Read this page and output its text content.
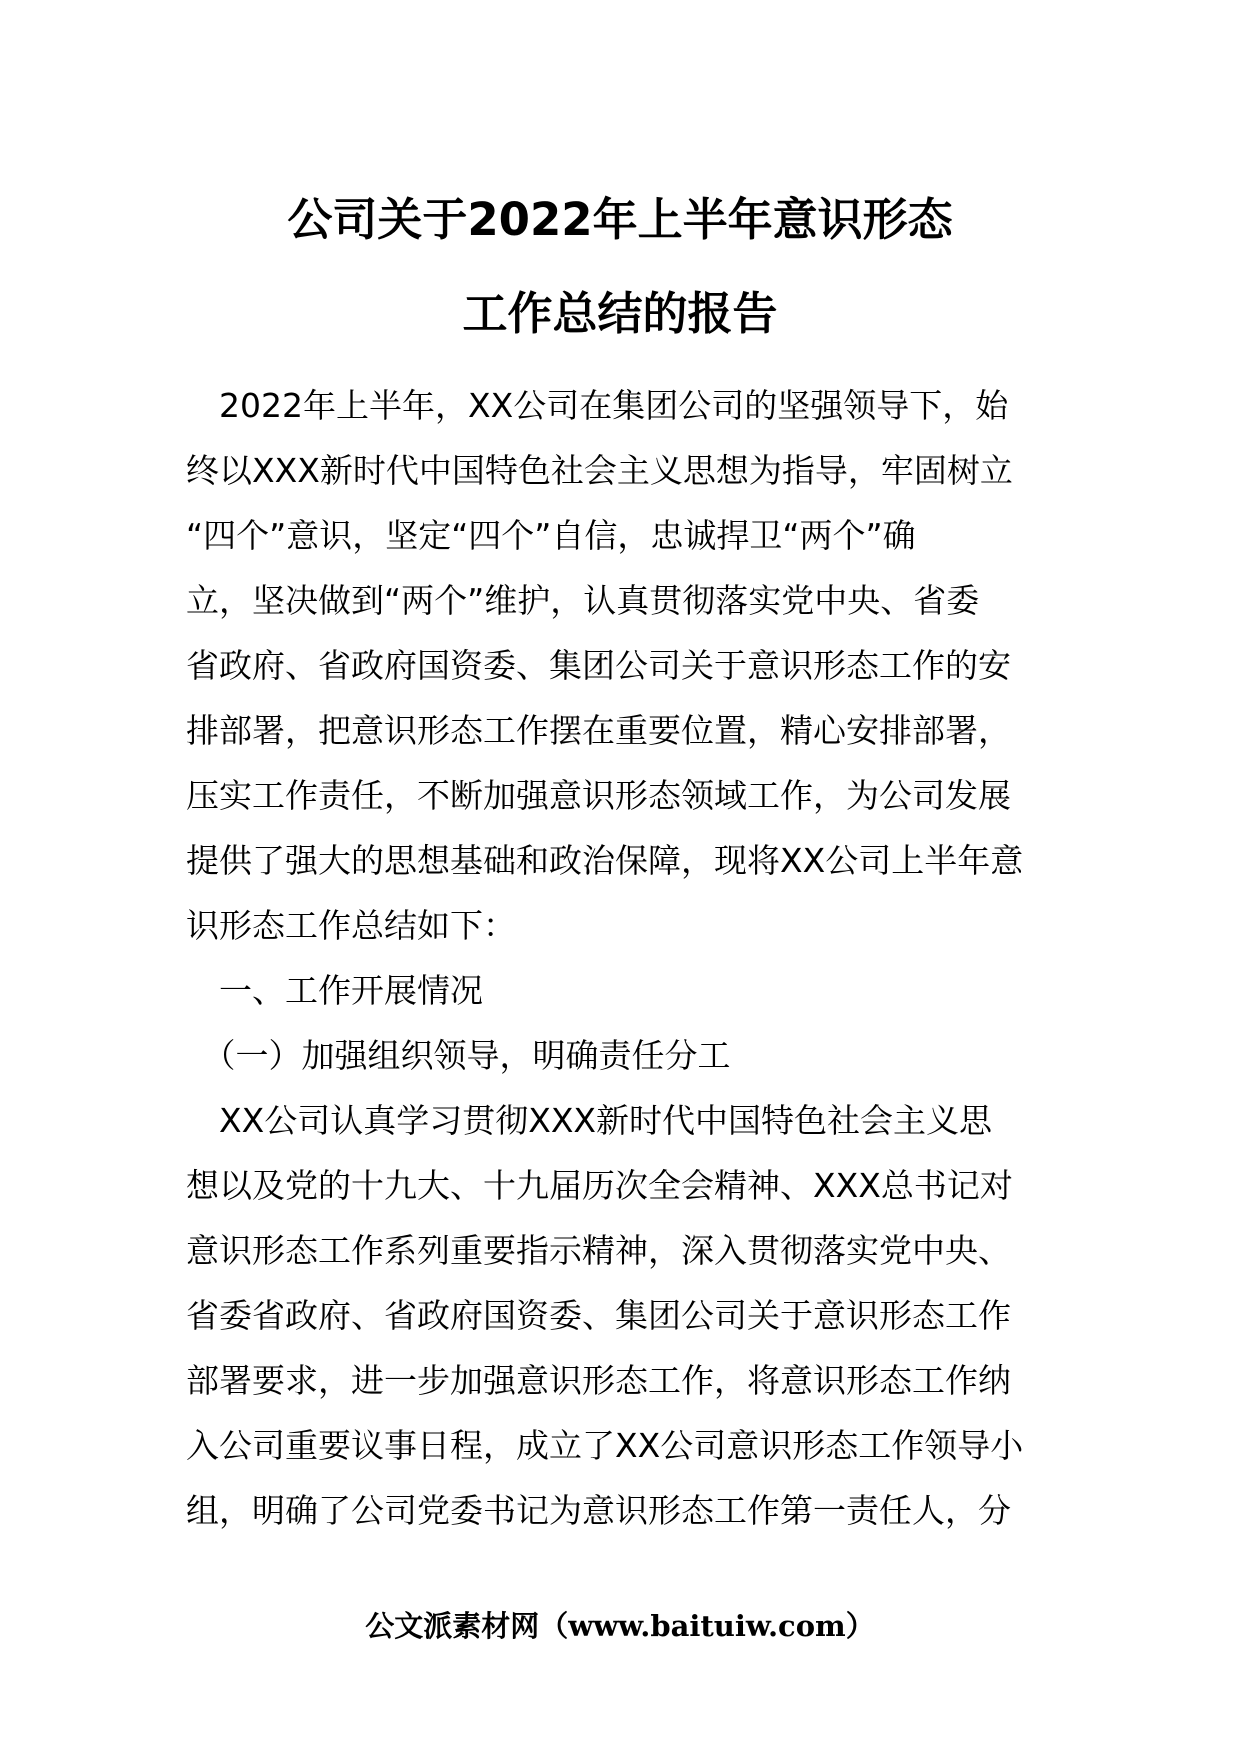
公司关于2022年上半年意识形态
工作总结的报告
　2022年上半年，XX公司在集团公司的坚强领导下，始
终以XXX新时代中国特色社会主义思想为指导，牢固树立
“四个”意识，坚定“四个”自信，忠诚捍卫“两个”确
立，坚决做到“两个”维护，认真贯彻落实党中央、省委
省政府、省政府国资委、集团公司关于意识形态工作的安
排部署，把意识形态工作摆在重要位置，精心安排部署，
压实工作责任，不断加强意识形态领域工作，为公司发展
提供了强大的思想基础和政治保障，现将XX公司上半年意
识形态工作总结如下：
　一、工作开展情况
　（一）加强组织领导，明确责任分工
　XX公司认真学习贯彻XXX新时代中国特色社会主义思
想以及党的十九大、十九届历次全会精神、XXX总书记对
意识形态工作系列重要指示精神，深入贯彻落实党中央、
省委省政府、省政府国资委、集团公司关于意识形态工作
部署要求，进一步加强意识形态工作，将意识形态工作纳
入公司重要议事日程，成立了XX公司意识形态工作领导小
组，明确了公司党委书记为意识形态工作第一责任人，分
公文派素材网（www.baituiw.com）
